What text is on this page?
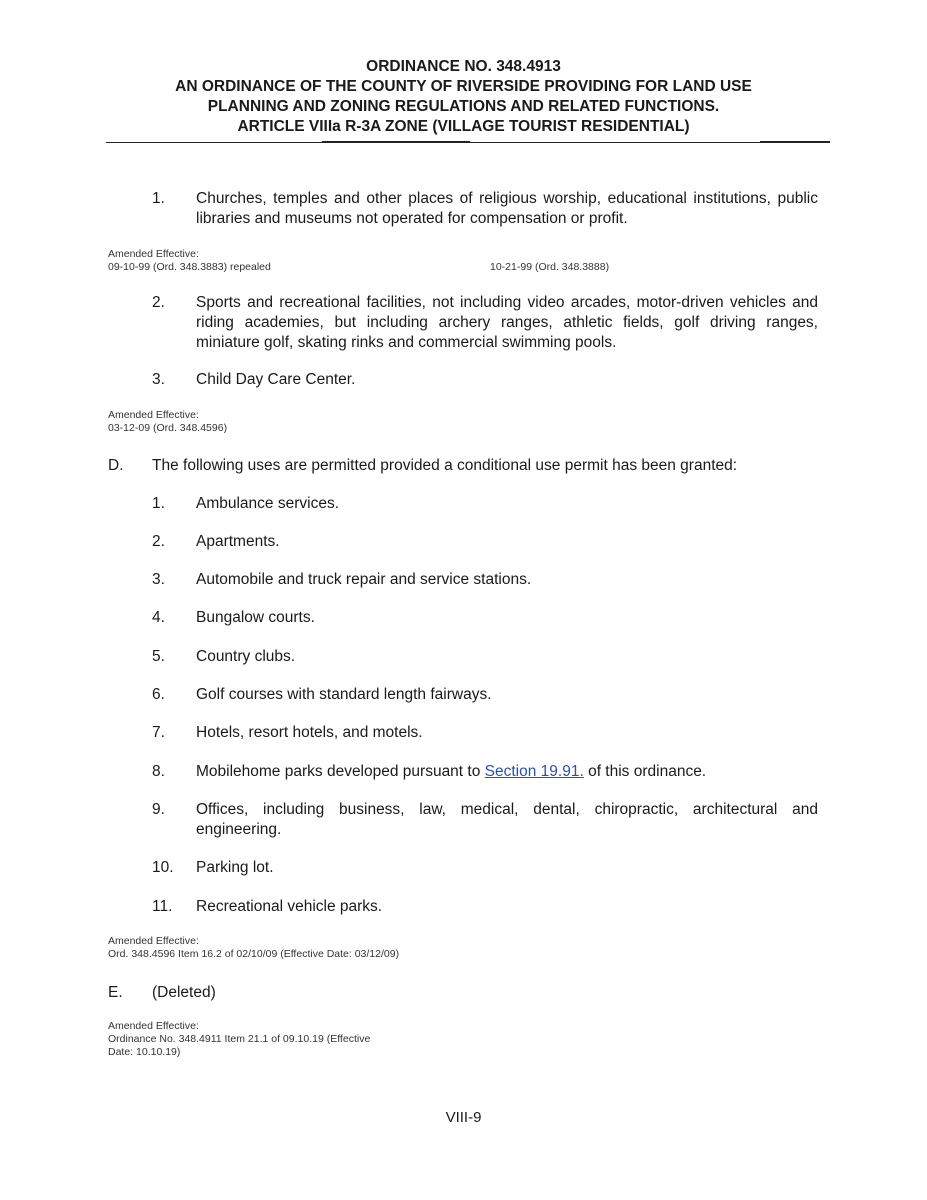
ORDINANCE NO. 348.4913
AN ORDINANCE OF THE COUNTY OF RIVERSIDE PROVIDING FOR LAND USE
PLANNING AND ZONING REGULATIONS AND RELATED FUNCTIONS.
ARTICLE VIIIa R-3A ZONE (VILLAGE TOURIST RESIDENTIAL)
1. Churches, temples and other places of religious worship, educational institutions, public libraries and museums not operated for compensation or profit.
Amended Effective:
09-10-99 (Ord. 348.3883) repealed	10-21-99 (Ord. 348.3888)
2. Sports and recreational facilities, not including video arcades, motor-driven vehicles and riding academies, but including archery ranges, athletic fields, golf driving ranges, miniature golf, skating rinks and commercial swimming pools.
3. Child Day Care Center.
Amended Effective:
03-12-09 (Ord. 348.4596)
D. The following uses are permitted provided a conditional use permit has been granted:
1. Ambulance services.
2. Apartments.
3. Automobile and truck repair and service stations.
4. Bungalow courts.
5. Country clubs.
6. Golf courses with standard length fairways.
7. Hotels, resort hotels, and motels.
8. Mobilehome parks developed pursuant to Section 19.91. of this ordinance.
9. Offices, including business, law, medical, dental, chiropractic, architectural and engineering.
10. Parking lot.
11. Recreational vehicle parks.
Amended Effective:
Ord. 348.4596 Item 16.2 of 02/10/09 (Effective Date: 03/12/09)
E. (Deleted)
Amended Effective:
Ordinance No. 348.4911 Item 21.1 of 09.10.19 (Effective
Date: 10.10.19)
VIII-9
